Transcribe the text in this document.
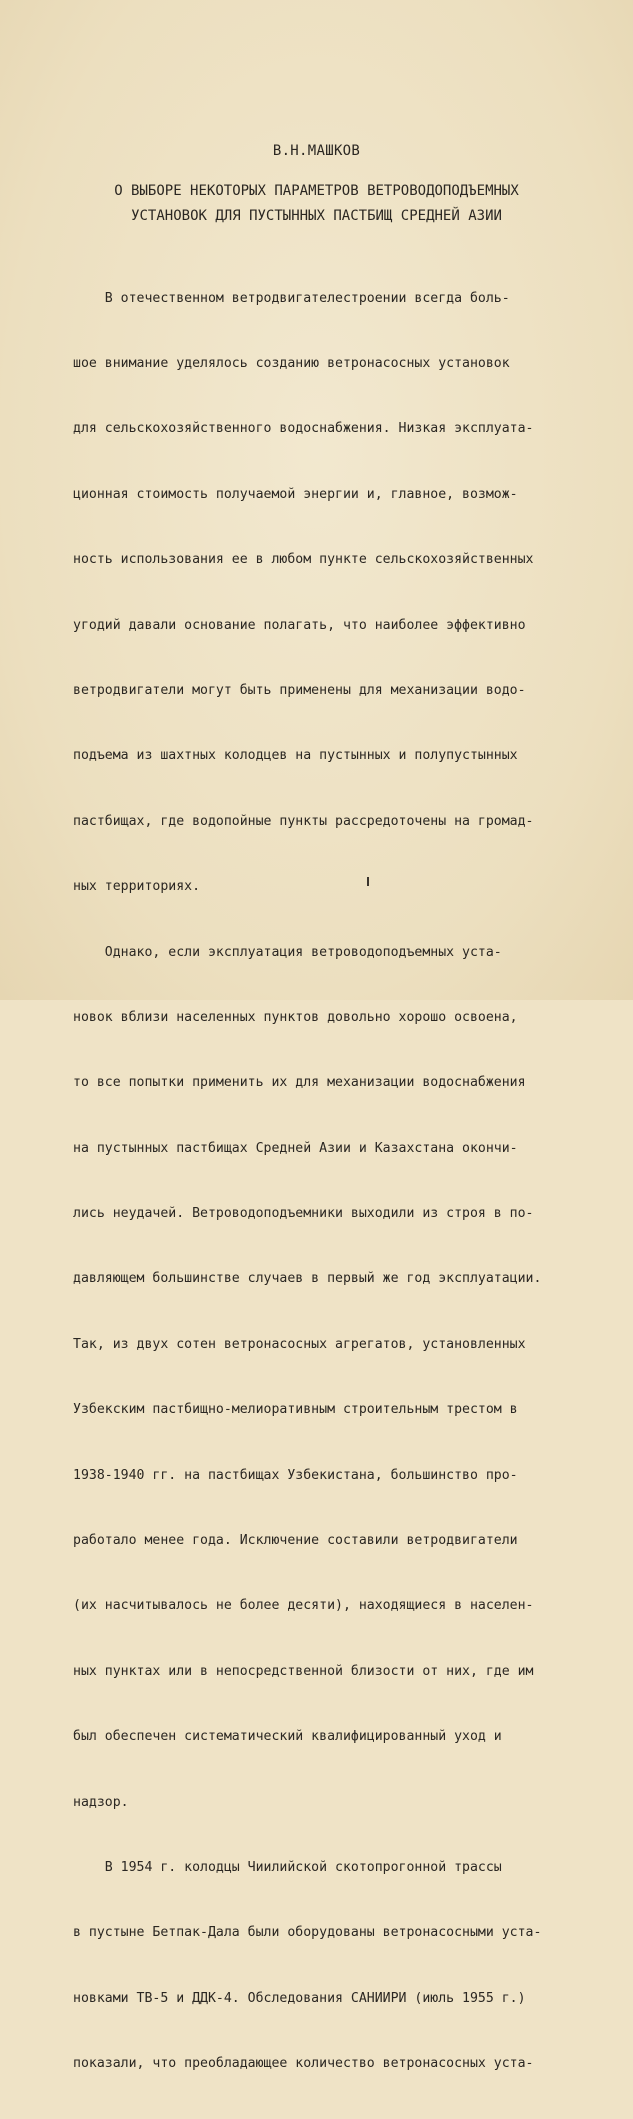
В.Н.МАШКОВ
О ВЫБОРЕ НЕКОТОРЫХ ПАРАМЕТРОВ ВЕТРОВОДОПОДЪЕМНЫХ
УСТАНОВОК ДЛЯ ПУСТЫННЫХ ПАСТБИЩ СРЕДНЕЙ АЗИИ

В отечественном ветродвигателестроении всегда боль-

шое внимание уделялось созданию ветронасосных установок

для сельскохозяйственного водоснабжения. Низкая эксплуата-

ционная стоимость получаемой энергии и, главное, возмож-

ность использования ее в любом пункте сельскохозяйственных

угодий давали основание полагать, что наиболее эффективно

ветродвигатели могут быть применены для механизации водо-

подъема из шахтных колодцев на пустынных и полупустынных

пастбищах, где водопойные пункты рассредоточены на громад-

ных территориях.

Однако, если эксплуатация ветроводоподъемных уста-

новок вблизи населенных пунктов довольно хорошо освоена,

то все попытки применить их для механизации водоснабжения

на пустынных пастбищах Средней Азии и Казахстана окончи-

лись неудачей. Ветроводоподъемники выходили из строя в по-

давляющем большинстве случаев в первый же год эксплуатации.

Так, из двух сотен ветронасосных агрегатов, установленных

Узбекским пастбищно-мелиоративным строительным трестом в

1938-1940 гг. на пастбищах Узбекистана, большинство про-

работало менее года. Исключение составили ветродвигатели

(их насчитывалось не более десяти), находящиеся в населен-

ных пунктах или в непосредственной близости от них, где им

был обеспечен систематический квалифицированный уход и

надзор.

В 1954 г. колодцы Чиилийской скотопрогонной трассы

в пустыне Бетпак-Дала были оборудованы ветронасосными уста-

новками ТВ-5 и ДДК-4. Обследования САНИИРИ (июль 1955 г.)

показали, что преобладающее количество ветронасосных уста-
